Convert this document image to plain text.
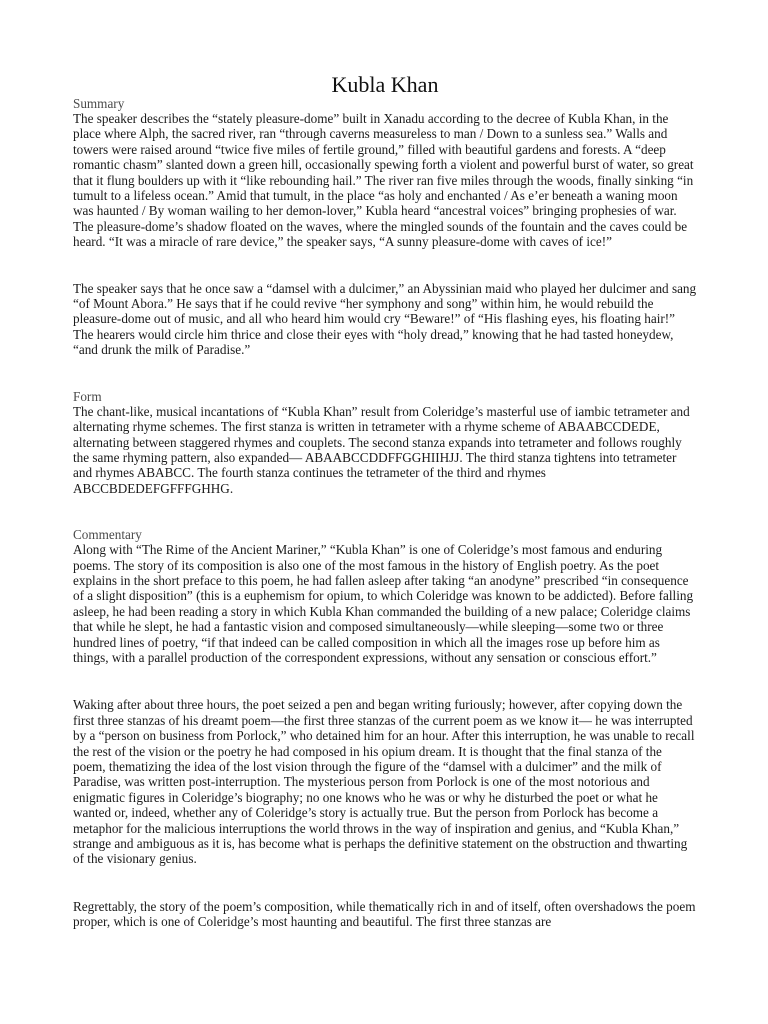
Kubla Khan

Summary

The speaker describes the “stately pleasure-dome” built in Xanadu according to the decree of Kubla Khan, in the place where Alph, the sacred river, ran “through caverns measureless to man / Down to a sunless sea.” Walls and towers were raised around “twice five miles of fertile ground,” filled with beautiful gardens and forests. A “deep romantic chasm” slanted down a green hill, occasionally spewing forth a violent and powerful burst of water, so great that it flung boulders up with it “like rebounding hail.” The river ran five miles through the woods, finally sinking “in tumult to a lifeless ocean.” Amid that tumult, in the place “as holy and enchanted / As e’er beneath a waning moon was haunted / By woman wailing to her demon-lover,” Kubla heard “ancestral voices” bringing prophesies of war. The pleasure-dome’s shadow floated on the waves, where the mingled sounds of the fountain and the caves could be heard. “It was a miracle of rare device,” the speaker says, “A sunny pleasure-dome with caves of ice!”

The speaker says that he once saw a “damsel with a dulcimer,” an Abyssinian maid who played her dulcimer and sang “of Mount Abora.” He says that if he could revive “her symphony and song” within him, he would rebuild the pleasure-dome out of music, and all who heard him would cry “Beware!” of “His flashing eyes, his floating hair!” The hearers would circle him thrice and close their eyes with “holy dread,” knowing that he had tasted honeydew, “and drunk the milk of Paradise.”

Form

The chant-like, musical incantations of “Kubla Khan” result from Coleridge’s masterful use of iambic tetrameter and alternating rhyme schemes. The first stanza is written in tetrameter with a rhyme scheme of ABAABCCDEDE, alternating between staggered rhymes and couplets. The second stanza expands into tetrameter and follows roughly the same rhyming pattern, also expanded— ABAABCCDDFFGGHIIHJJ. The third stanza tightens into tetrameter and rhymes ABABCC. The fourth stanza continues the tetrameter of the third and rhymes ABCCBDEDEFGFFFGHHG.

Commentary

Along with “The Rime of the Ancient Mariner,” “Kubla Khan” is one of Coleridge’s most famous and enduring poems. The story of its composition is also one of the most famous in the history of English poetry. As the poet explains in the short preface to this poem, he had fallen asleep after taking “an anodyne” prescribed “in consequence of a slight disposition” (this is a euphemism for opium, to which Coleridge was known to be addicted). Before falling asleep, he had been reading a story in which Kubla Khan commanded the building of a new palace; Coleridge claims that while he slept, he had a fantastic vision and composed simultaneously—while sleeping—some two or three hundred lines of poetry, “if that indeed can be called composition in which all the images rose up before him as things, with a parallel production of the correspondent expressions, without any sensation or conscious effort.”

Waking after about three hours, the poet seized a pen and began writing furiously; however, after copying down the first three stanzas of his dreamt poem—the first three stanzas of the current poem as we know it— he was interrupted by a “person on business from Porlock,” who detained him for an hour. After this interruption, he was unable to recall the rest of the vision or the poetry he had composed in his opium dream. It is thought that the final stanza of the poem, thematizing the idea of the lost vision through the figure of the “damsel with a dulcimer” and the milk of Paradise, was written post-interruption. The mysterious person from Porlock is one of the most notorious and enigmatic figures in Coleridge’s biography; no one knows who he was or why he disturbed the poet or what he wanted or, indeed, whether any of Coleridge’s story is actually true. But the person from Porlock has become a metaphor for the malicious interruptions the world throws in the way of inspiration and genius, and “Kubla Khan,” strange and ambiguous as it is, has become what is perhaps the definitive statement on the obstruction and thwarting of the visionary genius.

Regrettably, the story of the poem’s composition, while thematically rich in and of itself, often overshadows the poem proper, which is one of Coleridge’s most haunting and beautiful. The first three stanzas are
